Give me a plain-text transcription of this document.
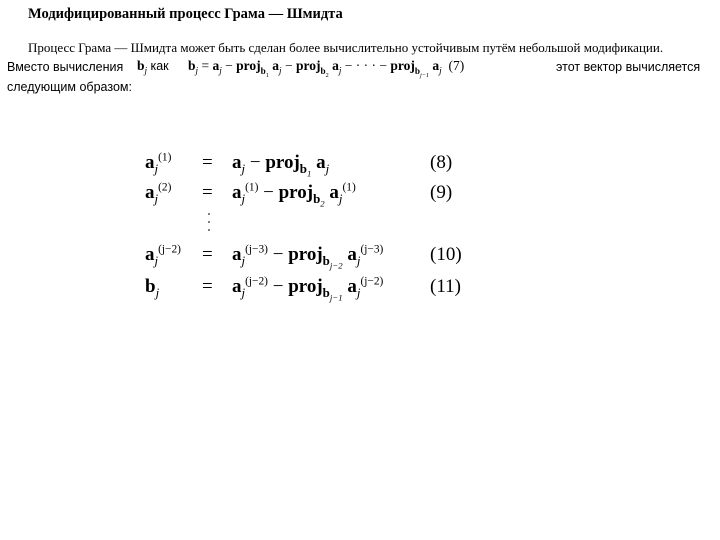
Модифицированный процесс Грама — Шмидта
Процесс Грама — Шмидта может быть сделан более вычислительно устойчивым путём небольшой модификации.
Вместо вычисления $b_j$ как $b_j = a_j$ − proj$_{b_1}$ $a_j$ − proj$_{b_2}$ $a_j$ − · · · − proj$_{b_{j-1}}$ $a_j$ (7)	этот вектор вычисляется
следующим образом:
$a_j^{(1)} = a_j$ − proj$_{b_1}$ $a_j$	(8)
$a_j^{(2)} = a_j^{(1)}$ − proj$_{b_2}$ $a_j^{(1)}$	(9)
$a_j^{(j-2)} = a_j^{(j-3)}$ − proj$_{b_{j-2}}$ $a_j^{(j-3)}$ (10)
$b_j = a_j^{(j-2)}$ − proj$_{b_{j-1}}$ $a_j^{(j-2)}$ (11)
